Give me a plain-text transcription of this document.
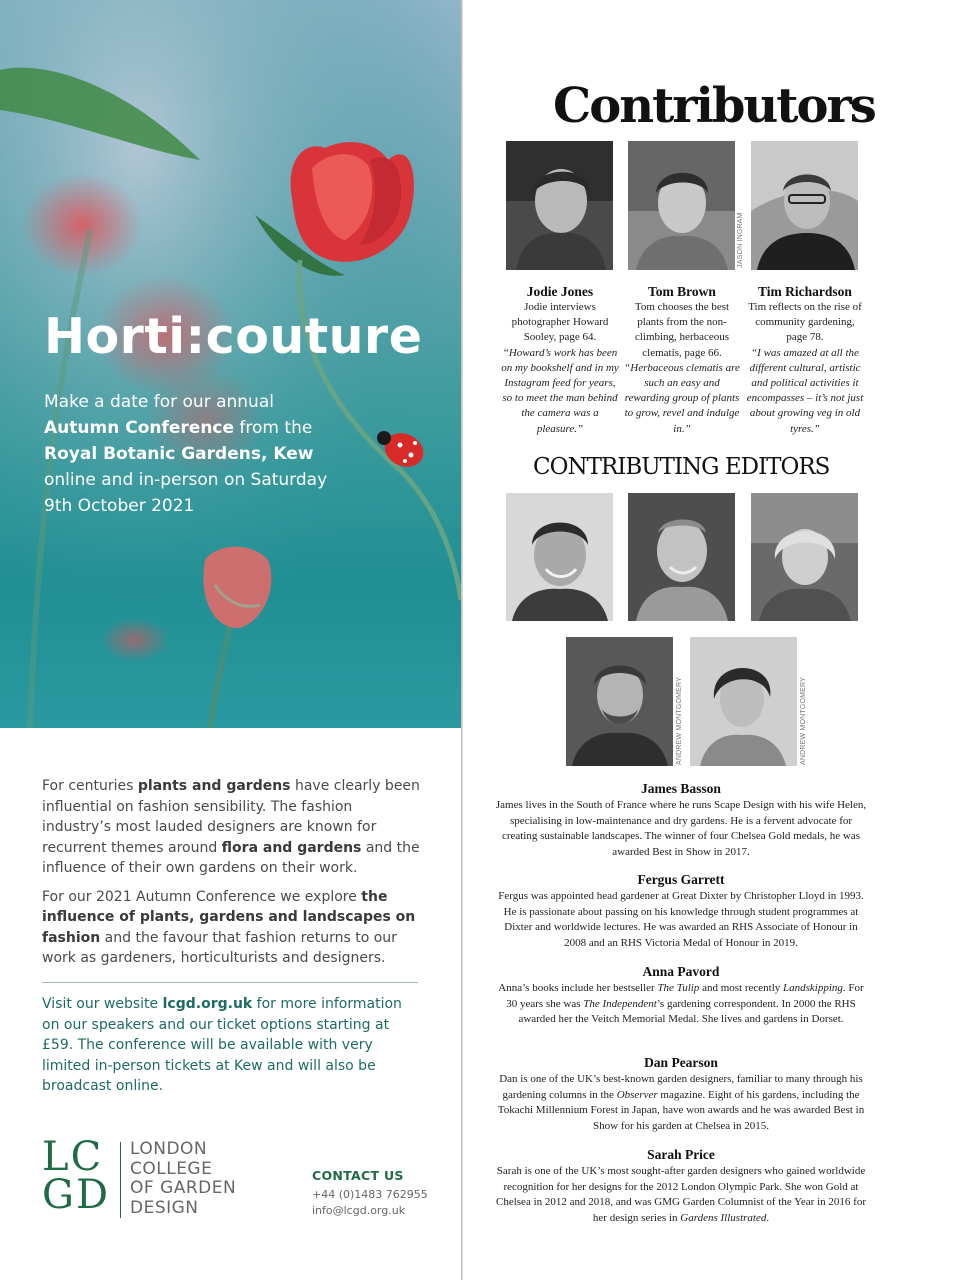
Horti:couture
Make a date for our annual Autumn Conference from the Royal Botanic Gardens, Kew online and in-person on Saturday 9th October 2021

For centuries plants and gardens have clearly been influential on fashion sensibility. The fashion industry’s most lauded designers are known for recurrent themes around flora and gardens and the influence of their own gardens on their work.

For our 2021 Autumn Conference we explore the influence of plants, gardens and landscapes on fashion and the favour that fashion returns to our work as gardeners, horticulturists and designers.

Visit our website lcgd.org.uk for more information on our speakers and our ticket options starting at £59. The conference will be available with very limited in-person tickets at Kew and will also be broadcast online.
LC
GD
LONDON
COLLEGE
OF GARDEN
DESIGN
CONTACT US
+44 (0)1483 762955
info@lcgd.org.uk
Contributors
JASON INGRAM
Jodie Jones
Jodie interviews photographer Howard Sooley, page 64.
“Howard’s work has been on my bookshelf and in my Instagram feed for years, so to meet the man behind the camera was a pleasure.”
Tom Brown
Tom chooses the best plants from the non-climbing, herbaceous clematis, page 66.
“Herbaceous clematis are such an easy and rewarding group of plants to grow, revel and indulge in.”
Tim Richardson
Tim reflects on the rise of community gardening, page 78.
“I was amazed at all the different cultural, artistic and political activities it encompasses – it’s not just about growing veg in old tyres.”
CONTRIBUTING EDITORS
ANDREW MONTGOMERY	ANDREW MONTGOMERY
James Basson
James lives in the South of France where he runs Scape Design with his wife Helen, specialising in low-maintenance and dry gardens. He is a fervent advocate for creating sustainable landscapes. The winner of four Chelsea Gold medals, he was awarded Best in Show in 2017.
Fergus Garrett
Fergus was appointed head gardener at Great Dixter by Christopher Lloyd in 1993. He is passionate about passing on his knowledge through student programmes at Dixter and worldwide lectures. He was awarded an RHS Associate of Honour in 2008 and an RHS Victoria Medal of Honour in 2019.
Anna Pavord
Anna’s books include her bestseller The Tulip and most recently Landskipping. For 30 years she was The Independent’s gardening correspondent. In 2000 the RHS awarded her the Veitch Memorial Medal. She lives and gardens in Dorset.
Dan Pearson
Dan is one of the UK’s best-known garden designers, familiar to many through his gardening columns in the Observer magazine. Eight of his gardens, including the Tokachi Millennium Forest in Japan, have won awards and he was awarded Best in Show for his garden at Chelsea in 2015.
Sarah Price
Sarah is one of the UK’s most sought-after garden designers who gained worldwide recognition for her designs for the 2012 London Olympic Park. She won Gold at Chelsea in 2012 and 2018, and was GMG Garden Columnist of the Year in 2016 for her design series in Gardens Illustrated.
